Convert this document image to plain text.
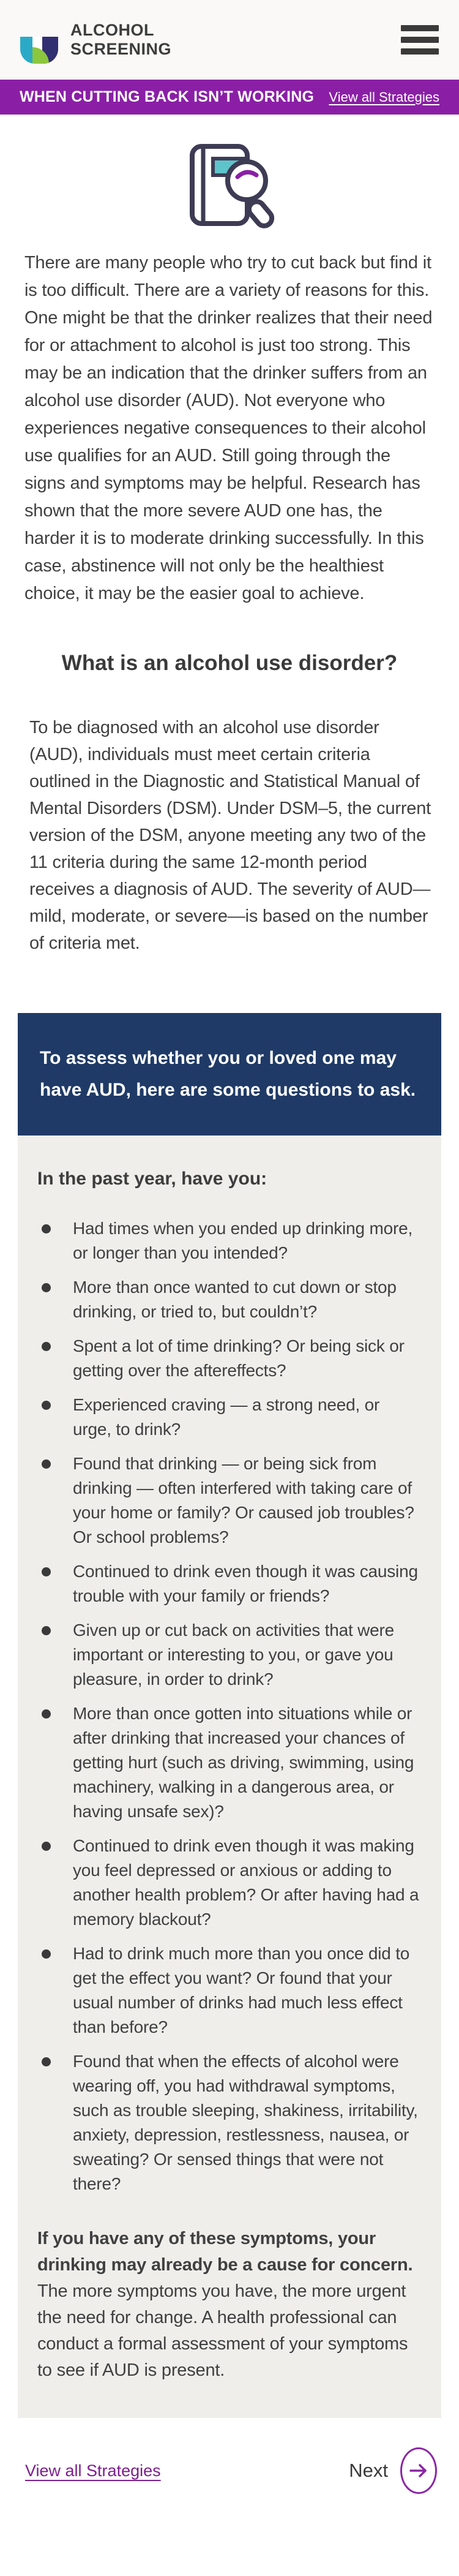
ALCOHOL
SCREENING
WHEN CUTTING BACK ISN’T WORKING View all Strategies

There are many people who try to cut back but find it is too difficult. There are a variety of reasons for this. One might be that the drinker realizes that their need for or attachment to alcohol is just too strong. This may be an indication that the drinker suffers from an alcohol use disorder (AUD). Not everyone who experiences negative consequences to their alcohol use qualifies for an AUD. Still going through the signs and symptoms may be helpful. Research has shown that the more severe AUD one has, the harder it is to moderate drinking successfully. In this case, abstinence will not only be the healthiest choice, it may be the easier goal to achieve.

What is an alcohol use disorder?

To be diagnosed with an alcohol use disorder (AUD), individuals must meet certain criteria outlined in the Diagnostic and Statistical Manual of Mental Disorders (DSM). Under DSM–5, the current version of the DSM, anyone meeting any two of the 11 criteria during the same 12-month period receives a diagnosis of AUD. The severity of AUD—mild, moderate, or severe—is based on the number of criteria met.

To assess whether you or loved one may have AUD, here are some questions to ask.

In the past year, have you:

Had times when you ended up drinking more, or longer than you intended?
More than once wanted to cut down or stop drinking, or tried to, but couldn’t?
Spent a lot of time drinking? Or being sick or getting over the aftereffects?
Experienced craving — a strong need, or urge, to drink?
Found that drinking — or being sick from drinking — often interfered with taking care of your home or family? Or caused job troubles? Or school problems?
Continued to drink even though it was causing trouble with your family or friends?
Given up or cut back on activities that were important or interesting to you, or gave you pleasure, in order to drink?
More than once gotten into situations while or after drinking that increased your chances of getting hurt (such as driving, swimming, using machinery, walking in a dangerous area, or having unsafe sex)?
Continued to drink even though it was making you feel depressed or anxious or adding to another health problem? Or after having had a memory blackout?
Had to drink much more than you once did to get the effect you want? Or found that your usual number of drinks had much less effect than before?
Found that when the effects of alcohol were wearing off, you had withdrawal symptoms, such as trouble sleeping, shakiness, irritability, anxiety, depression, restlessness, nausea, or sweating? Or sensed things that were not there?

If you have any of these symptoms, your drinking may already be a cause for concern. The more symptoms you have, the more urgent the need for change. A health professional can conduct a formal assessment of your symptoms to see if AUD is present.

View all Strategies	Next
